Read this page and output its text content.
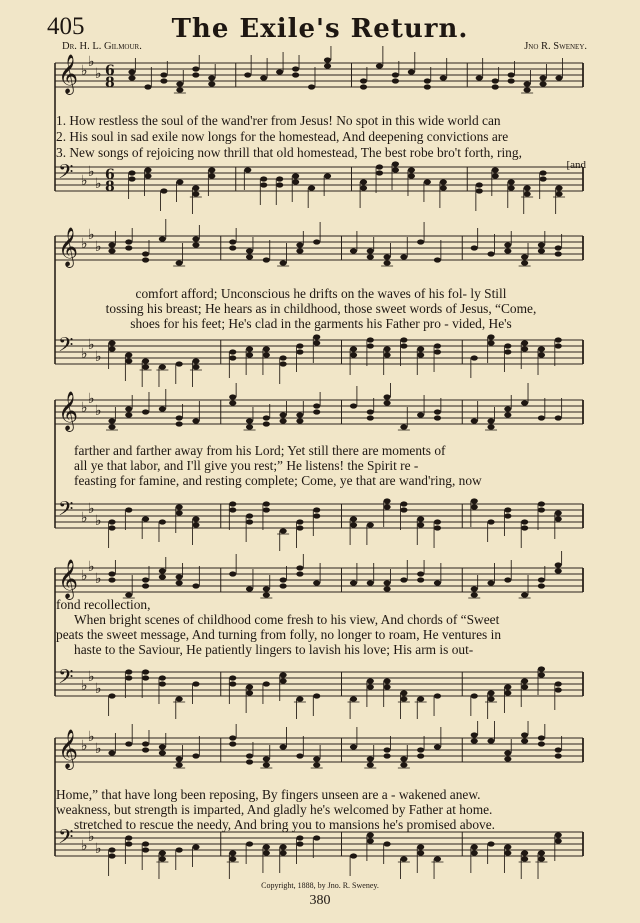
405	The Exile's Return.
Dr. H. L. Gilmour.	Jno R. Sweney.
𝄞 ♭
♭
♭ 6
8
𝄢 ♭
♭
♭
6
8
1. How restless the soul of the wand'rer from Jesus! No spot in this wide world can
2. His soul in sad exile now longs for the homestead, And deepening convictions are
3. New songs of rejoicing now thrill that old homestead, The best robe bro't forth, ring,
[and
𝄞 ♭
♭
♭
𝄢 ♭
♭
♭
comfort afford; Unconscious he drifts on the waves of his fol- ly Still
tossing his breast; He hears as in childhood, those sweet words of Jesus, “Come,
shoes for his feet; He's clad in the garments his Father pro - vided, He's
𝄞 ♭
♭
♭
𝄢 ♭
♭
♭
farther and farther away from his Lord; Yet still there are moments of
all ye that labor, and I'll give you rest;” He listens! the Spirit re -
feasting for famine, and resting complete; Come, ye that are wand'ring, now
𝄞 ♭
♭
♭
𝄢 ♭
♭
♭
fond recollection,
When bright scenes of childhood come fresh to his view, And chords of “Sweet
peats the sweet message, And turning from folly, no longer to roam, He ventures in
haste to the Saviour, He patiently lingers to lavish his love; His arm is out-
𝄞 ♭
♭
♭
𝄢 ♭
♭
♭
Home,” that have long been reposing, By fingers unseen are a - wakened anew.
weakness, but strength is imparted, And gladly he's welcomed by Father at home.
stretched to rescue the needy, And bring you to mansions he's promised above.
Copyright, 1888, by Jno. R. Sweney.
380
